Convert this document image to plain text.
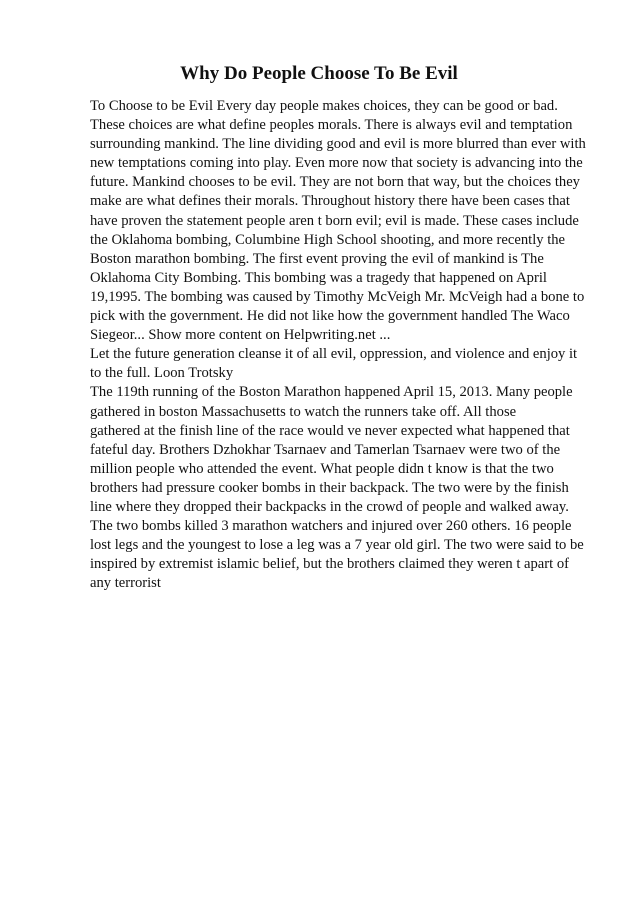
Why Do People Choose To Be Evil
To Choose to be Evil Every day people makes choices, they can be good or bad.
These choices are what define peoples morals. There is always evil and temptation
surrounding mankind. The line dividing good and evil is more blurred than ever with
new temptations coming into play. Even more now that society is advancing into the
future. Mankind chooses to be evil. They are not born that way, but the choices they
make are what defines their morals. Throughout history there have been cases that
have proven the statement people aren t born evil; evil is made. These cases include
the Oklahoma bombing, Columbine High School shooting, and more recently the
Boston marathon bombing. The first event proving the evil of mankind is The
Oklahoma City Bombing. This bombing was a tragedy that happened on April
19,1995. The bombing was caused by Timothy McVeigh Mr. McVeigh had a bone to
pick with the government. He did not like how the government handled The Waco
Siegeor... Show more content on Helpwriting.net ...
Let the future generation cleanse it of all evil, oppression, and violence and enjoy it
to the full. Loon Trotsky
The 119th running of the Boston Marathon happened April 15, 2013. Many people
gathered in boston Massachusetts to watch the runners take off. All those
gathered at the finish line of the race would ve never expected what happened that
fateful day. Brothers Dzhokhar Tsarnaev and Tamerlan Tsarnaev were two of the
million people who attended the event. What people didn t know is that the two
brothers had pressure cooker bombs in their backpack. The two were by the finish
line where they dropped their backpacks in the crowd of people and walked away.
The two bombs killed 3 marathon watchers and injured over 260 others. 16 people
lost legs and the youngest to lose a leg was a 7 year old girl. The two were said to be
inspired by extremist islamic belief, but the brothers claimed they weren t apart of
any terrorist
